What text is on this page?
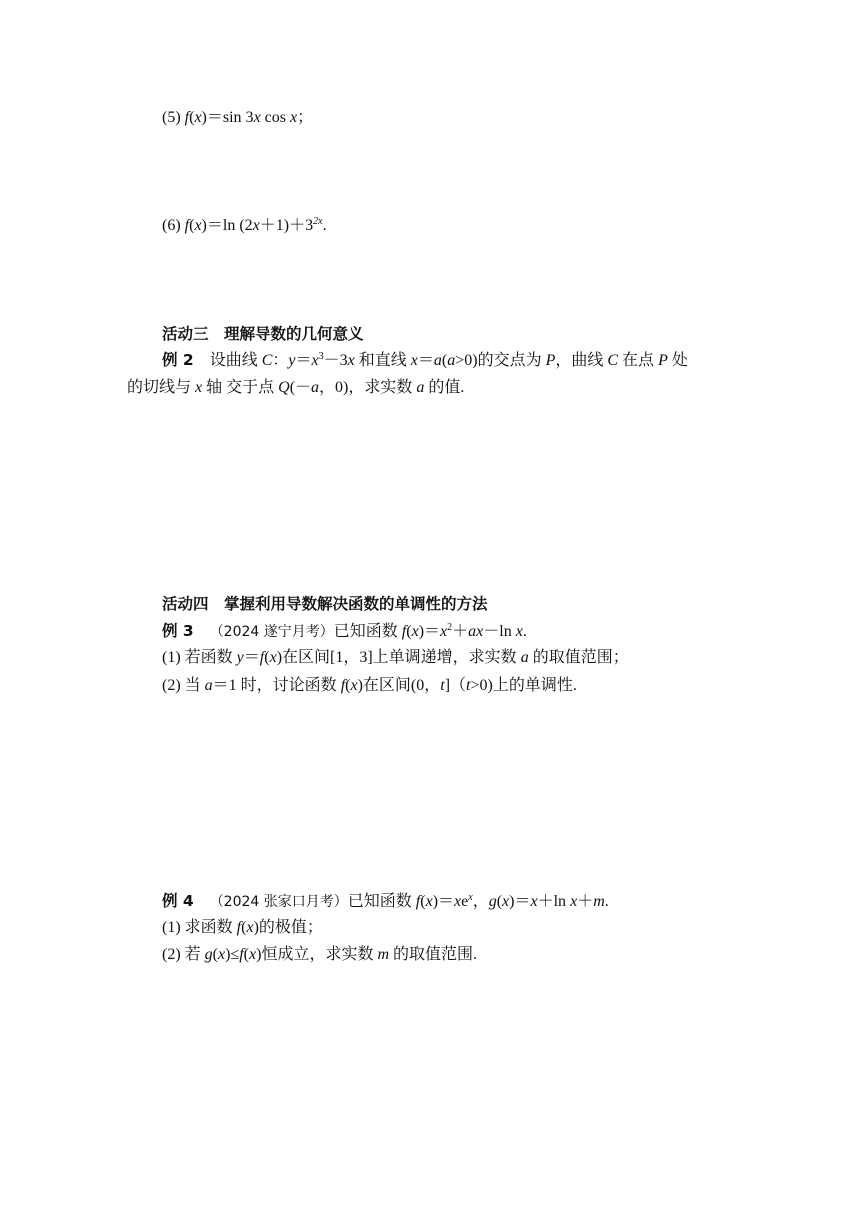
(5) f(x)＝sin 3x cos x；
(6) f(x)＝ln $(2x+1)+3^{2x}$.
活动三　理解导数的几何意义
例 2 设曲线 C：$y=x^3-3x$ 和直线 x＝a(a>0)的交点为 P，曲线 C 在点 P 处
的切线与 x 轴 交于点 Q(－a，0)，求实数 a 的值.
活动四　掌握利用导数解决函数的单调性的方法
例 3 （2024 遂宁月考）已知函数 $f(x)=x^2+ax-\ln$ x.
(1) 若函数 y＝f(x)在区间[1，3]上单调递增，求实数 a 的取值范围；
(2) 当 a＝1 时，讨论函数 f(x)在区间(0，t]（t>0)上的单调性.
例 4 （2024 张家口月考）已知函数 $f(x)=xe^x$，g(x)＝x＋ln x＋m.
(1) 求函数 f(x)的极值；
(2) 若 g(x)≤f(x)恒成立，求实数 m 的取值范围.
